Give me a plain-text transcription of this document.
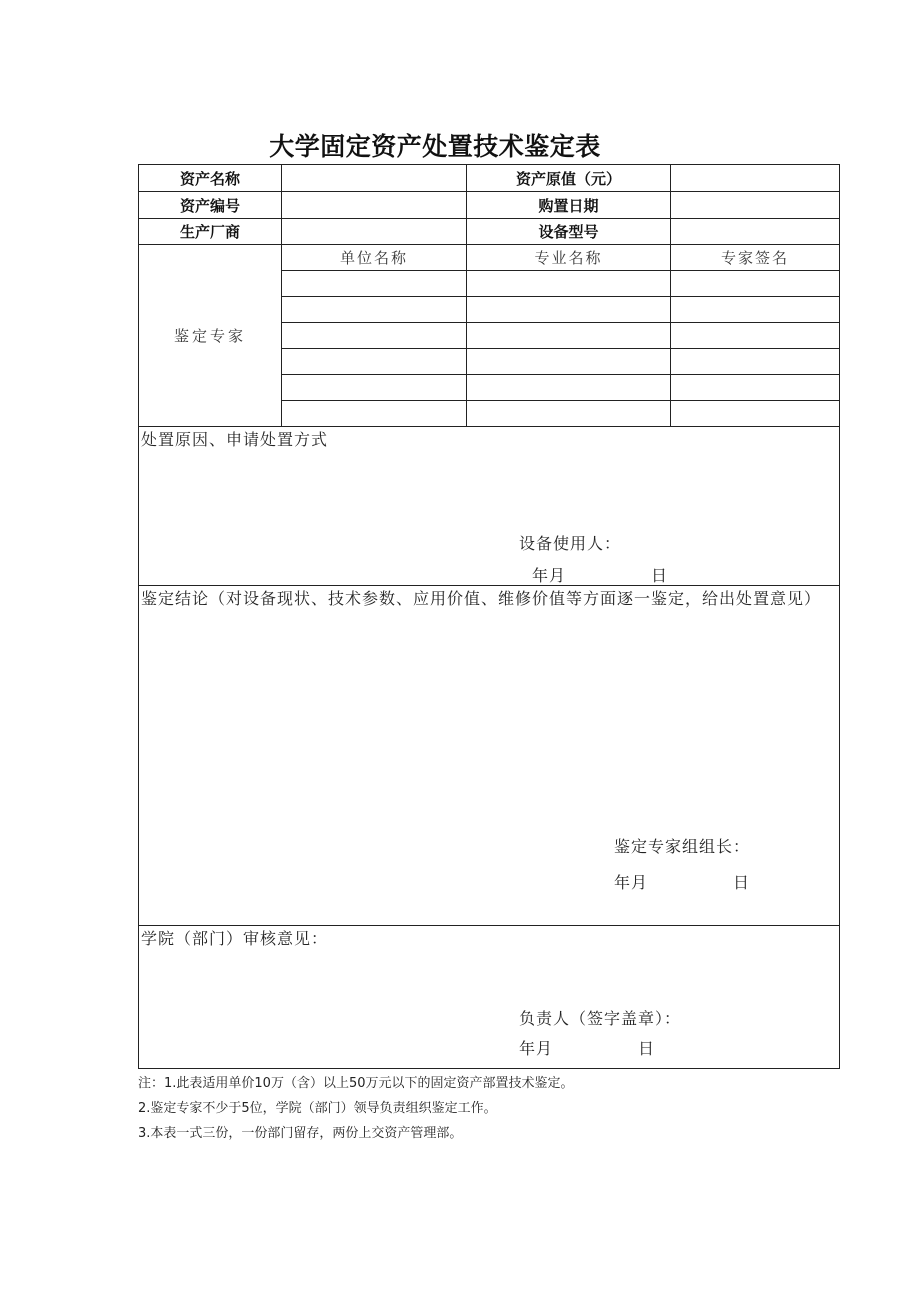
大学固定资产处置技术鉴定表
资产名称		资产原值（元）	
资产编号		购置日期	
生产厂商		设备型号	
鉴定专家	单位名称	专业名称	专家签名

处置原因、申请处置方式
设备使用人：
年月　　　　　日			

鉴定结论（对设备现状、技术参数、应用价值、维修价值等方面逐一鉴定，给出处置意见）
鉴定专家组组长：
年月　　　　　日			

学院（部门）审核意见：
负责人（签字盖章）：
年月　　　　　日			
注：1.此表适用单价10万（含）以上50万元以下的固定资产部置技术鉴定。
2.鉴定专家不少于5位，学院（部门）领导负责组织鉴定工作。
3.本表一式三份，一份部门留存，两份上交资产管理部。
